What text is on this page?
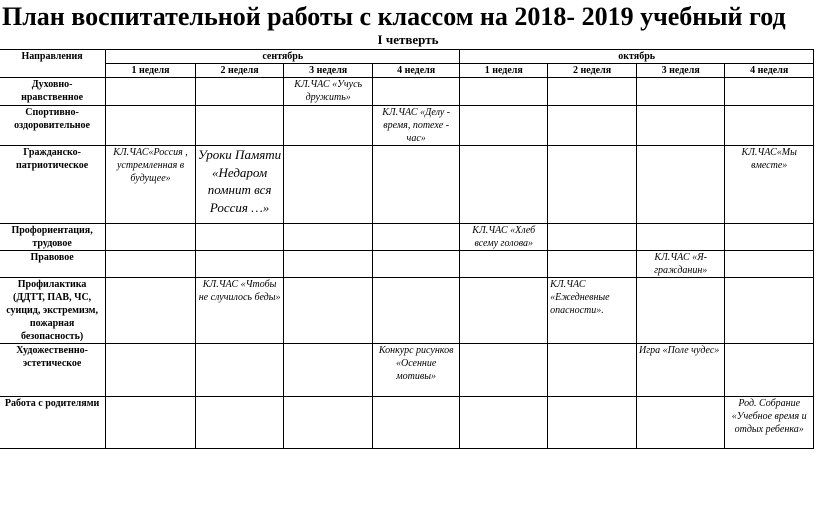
План воспитательной работы с классом на 2018- 2019 учебный год
I четверть
Направления	сентябрь				октябрь			
	1 неделя	2 неделя	3 неделя	4 неделя	1 неделя	2 неделя	3 неделя	4 неделя
Духовно-нравственное			КЛ.ЧАС «Учусь дружить»					
Спортивно-оздоровительное				КЛ.ЧАС «Делу - время, потехе - час»				
Гражданско-патриотическое	КЛ.ЧАС«Россия , устремленная в будущее»	Уроки Памяти «Недаром помнит вся Россия …»						КЛ.ЧАС«Мы вместе»
Профориентация, трудовое					КЛ.ЧАС «Хлеб всему голова»			
Правовое							КЛ.ЧАС «Я-гражданин»	
Профилактика (ДДТТ, ПАВ, ЧС, суицид, экстремизм, пожарная безопасность)		КЛ.ЧАС «Чтобы не случилось беды»				КЛ.ЧАС «Ежедневные опасности».		
Художественно-эстетическое				Конкурс рисунков «Осенние мотивы»			Игра «Поле чудес»	
Работа с родителями								Род. Собрание «Учебное время и отдых ребенка»
